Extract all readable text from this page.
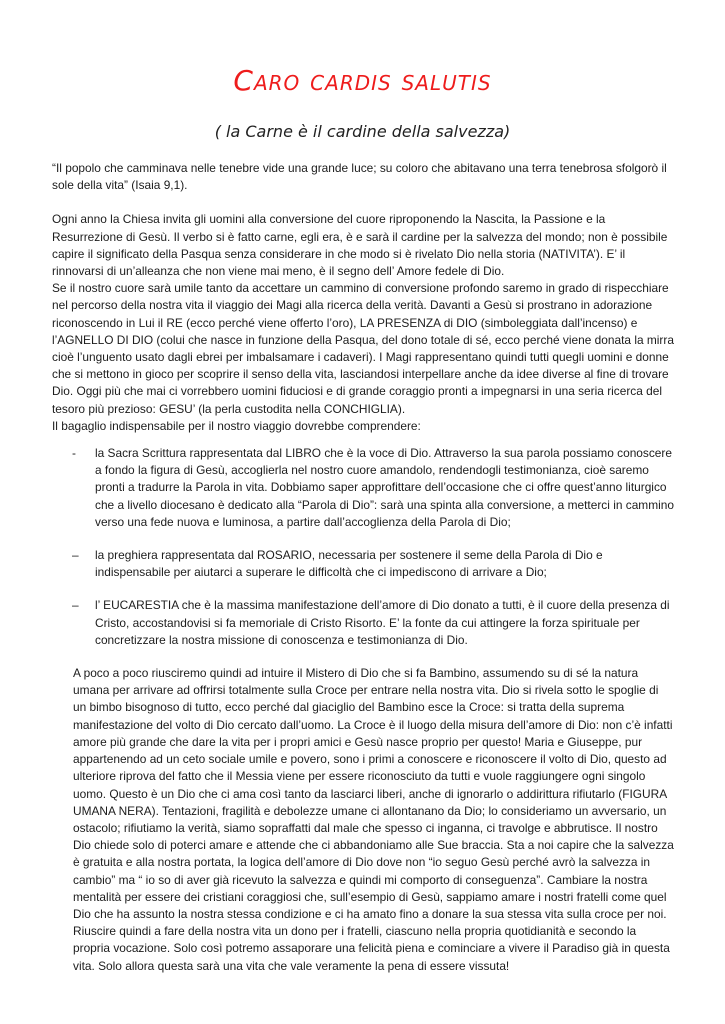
Caro cardis salutis
( la Carne è il cardine della salvezza)

“Il popolo che camminava nelle tenebre vide una grande luce; su coloro che abitavano una terra tenebrosa sfolgorò il sole della vita” (Isaia 9,1).

Ogni anno la Chiesa invita gli uomini alla conversione del cuore riproponendo la Nascita, la Passione e la Resurrezione di Gesù. Il verbo si è fatto carne, egli era, è e sarà il cardine per la salvezza del mondo; non è possibile capire il significato della Pasqua senza considerare in che modo si è rivelato Dio nella storia (NATIVITA’). E’ il rinnovarsi di un’alleanza che non viene mai meno, è il segno dell’ Amore fedele di Dio.

Se il nostro cuore sarà umile tanto da accettare un cammino di conversione profondo saremo in grado di rispecchiare nel percorso della nostra vita il viaggio dei Magi alla ricerca della verità. Davanti a Gesù si prostrano in adorazione riconoscendo in Lui il RE (ecco perché viene offerto l’oro), LA PRESENZA di DIO (simboleggiata dall’incenso) e l’AGNELLO DI DIO (colui che nasce in funzione della Pasqua, del dono totale di sé, ecco perché viene donata la mirra cioè l’unguento usato dagli ebrei per imbalsamare i cadaveri). I Magi rappresentano quindi tutti quegli uomini e donne che si mettono in gioco per scoprire il senso della vita, lasciandosi interpellare anche da idee diverse al fine di trovare Dio. Oggi più che mai ci vorrebbero uomini fiduciosi e di grande coraggio pronti a impegnarsi in una seria ricerca del tesoro più prezioso: GESU’ (la perla custodita nella CONCHIGLIA).

Il bagaglio indispensabile per il nostro viaggio dovrebbe comprendere:

- la Sacra Scrittura rappresentata dal LIBRO che è la voce di Dio. Attraverso la sua parola possiamo conoscere a fondo la figura di Gesù, accoglierla nel nostro cuore amandolo, rendendogli testimonianza, cioè saremo pronti a tradurre la Parola in vita. Dobbiamo saper approfittare dell’occasione che ci offre quest’anno liturgico che a livello diocesano è dedicato alla “Parola di Dio”: sarà una spinta alla conversione, a metterci in cammino verso una fede nuova e luminosa, a partire dall’accoglienza della Parola di Dio;
– la preghiera rappresentata dal ROSARIO, necessaria per sostenere il seme della Parola di Dio e indispensabile per aiutarci a superare le difficoltà che ci impediscono di arrivare a Dio;
– l’ EUCARESTIA che è la massima manifestazione dell’amore di Dio donato a tutti, è il cuore della presenza di Cristo, accostandovisi si fa memoriale di Cristo Risorto. E’ la fonte da cui attingere la forza spirituale per concretizzare la nostra missione di conoscenza e testimonianza di Dio.

A poco a poco riusciremo quindi ad intuire il Mistero di Dio che si fa Bambino, assumendo su di sé la natura umana per arrivare ad offrirsi totalmente sulla Croce per entrare nella nostra vita. Dio si rivela sotto le spoglie di un bimbo bisognoso di tutto, ecco perché dal giaciglio del Bambino esce la Croce: si tratta della suprema manifestazione del volto di Dio cercato dall’uomo. La Croce è il luogo della misura dell’amore di Dio: non c’è infatti amore più grande che dare la vita per i propri amici e Gesù nasce proprio per questo! Maria e Giuseppe, pur appartenendo ad un ceto sociale umile e povero, sono i primi a conoscere e riconoscere il volto di Dio, questo ad ulteriore riprova del fatto che il Messia viene per essere riconosciuto da tutti e vuole raggiungere ogni singolo uomo. Questo è un Dio che ci ama così tanto da lasciarci liberi, anche di ignorarlo o addirittura rifiutarlo (FIGURA UMANA NERA). Tentazioni, fragilità e debolezze umane ci allontanano da Dio; lo consideriamo un avversario, un ostacolo; rifiutiamo la verità, siamo sopraffatti dal male che spesso ci inganna, ci travolge e abbrutisce. Il nostro Dio chiede solo di poterci amare e attende che ci abbandoniamo alle Sue braccia. Sta a noi capire che la salvezza è gratuita e alla nostra portata, la logica dell’amore di Dio dove non “io seguo Gesù perché avrò la salvezza in cambio” ma “ io so di aver già ricevuto la salvezza e quindi mi comporto di conseguenza”. Cambiare la nostra mentalità per essere dei cristiani coraggiosi che, sull’esempio di Gesù, sappiamo amare i nostri fratelli come quel Dio che ha assunto la nostra stessa condizione e ci ha amato fino a donare la sua stessa vita sulla croce per noi. Riuscire quindi a fare della nostra vita un dono per i fratelli, ciascuno nella propria quotidianità e secondo la propria vocazione. Solo così potremo assaporare una felicità piena e cominciare a vivere il Paradiso già in questa vita. Solo allora questa sarà una vita che vale veramente la pena di essere vissuta!
